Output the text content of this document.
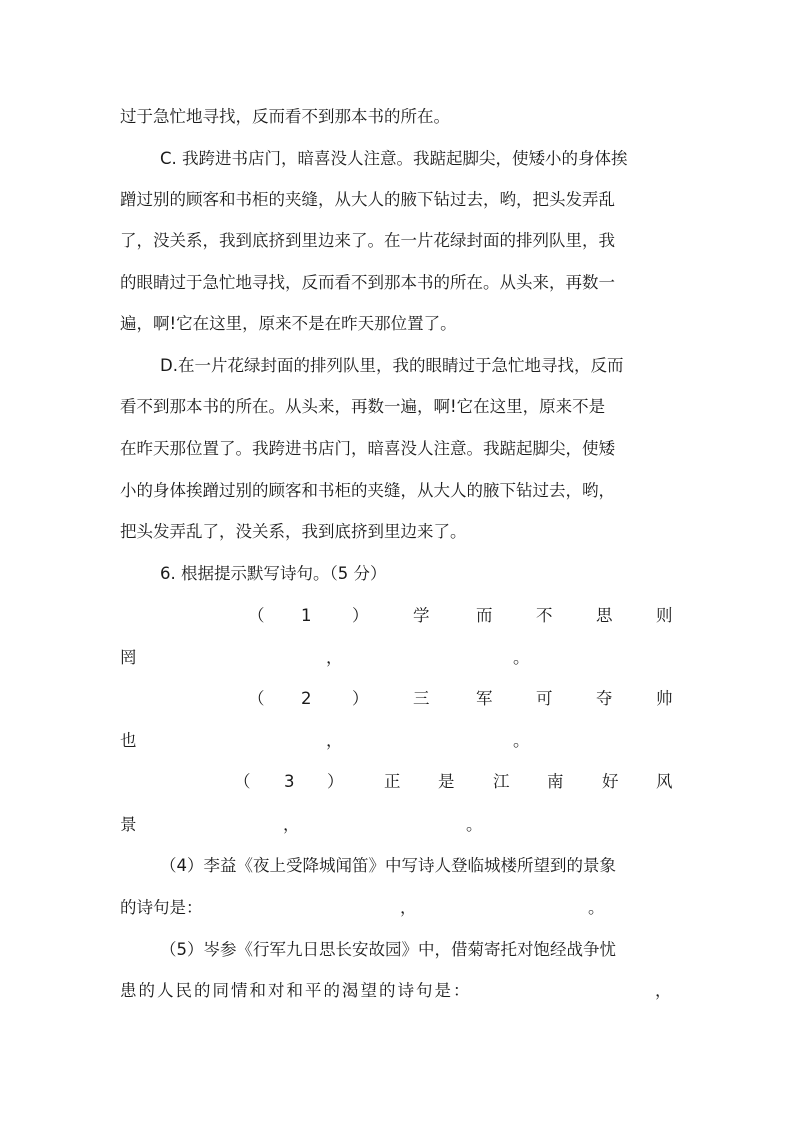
过于急忙地寻找，反而看不到那本书的所在。
C. 我跨进书店门，暗喜没人注意。我踮起脚尖，使矮小的身体挨
蹭过别的顾客和书柜的夹缝，从大人的腋下钻过去，哟，把头发弄乱
了，没关系，我到底挤到里边来了。在一片花绿封面的排列队里，我
的眼睛过于急忙地寻找，反而看不到那本书的所在。从头来，再数一
遍，啊!它在这里，原来不是在昨天那位置了。
D.在一片花绿封面的排列队里，我的眼睛过于急忙地寻找，反而
看不到那本书的所在。从头来，再数一遍，啊!它在这里，原来不是
在昨天那位置了。我跨进书店门，暗喜没人注意。我踮起脚尖，使矮
小的身体挨蹭过别的顾客和书柜的夹缝，从大人的腋下钻过去，哟，
把头发弄乱了，没关系，我到底挤到里边来了。
6. 根据提示默写诗句。（5 分）
（ 1 ）	学	而	不	思	则
罔	，	。
（ 2 ）	三	军	可	夺	帅
也	，	。
（ 3 ） 正 是 江 南 好 风
景	，	。
（4）李益《夜上受降城闻笛》中写诗人登临城楼所望到的景象
的诗句是：	，	。
（5）岑参《行军九日思长安故园》中，借菊寄托对饱经战争忧
患的人民的同情和对和平的渴望的诗句是：	，
